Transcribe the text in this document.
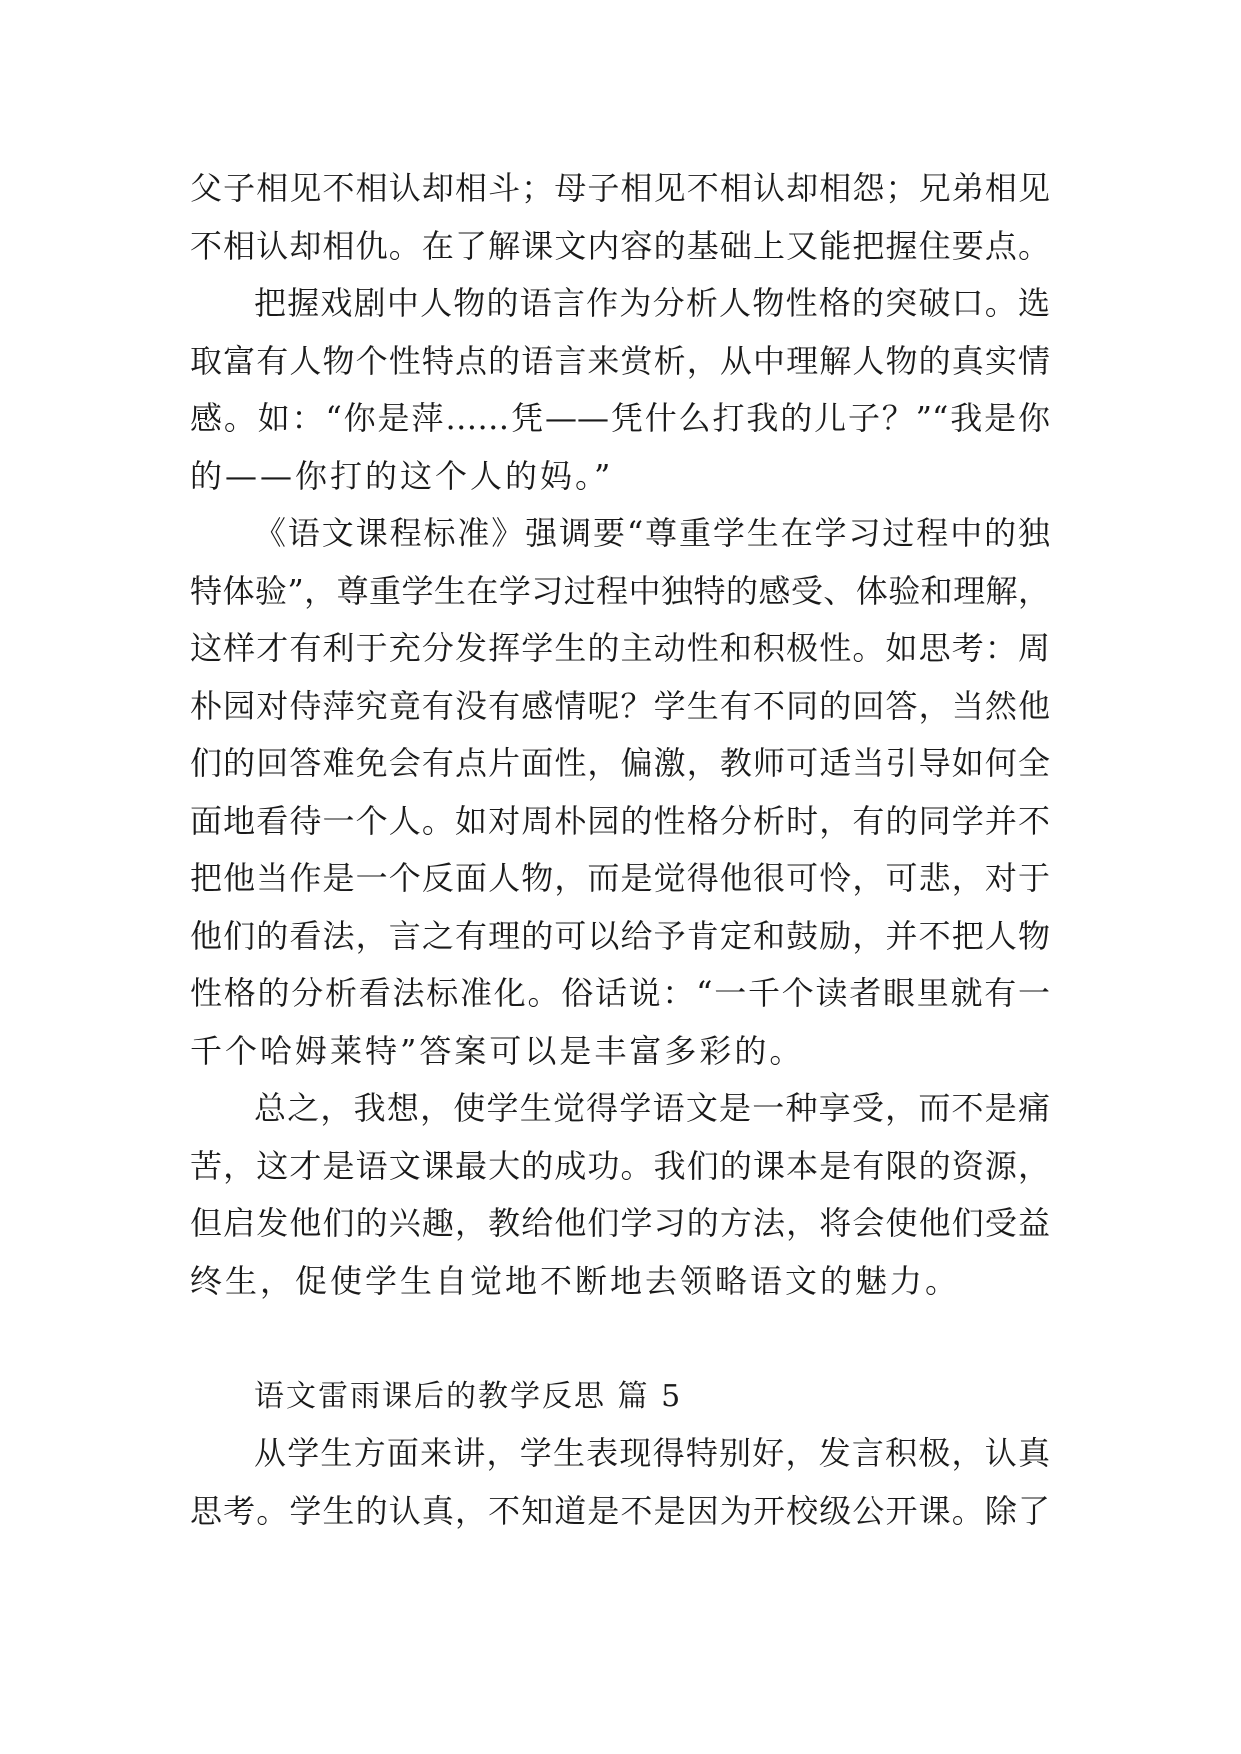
父子相见不相认却相斗；母子相见不相认却相怨；兄弟相见
不相认却相仇。在了解课文内容的基础上又能把握住要点。
把握戏剧中人物的语言作为分析人物性格的突破口。选
取富有人物个性特点的语言来赏析，从中理解人物的真实情
感。如：“你是萍……凭——凭什么打我的儿子？”“我是你
的——你打的这个人的妈。”
《语文课程标准》强调要“尊重学生在学习过程中的独
特体验”，尊重学生在学习过程中独特的感受、体验和理解，
这样才有利于充分发挥学生的主动性和积极性。如思考：周
朴园对侍萍究竟有没有感情呢？学生有不同的回答，当然他
们的回答难免会有点片面性，偏激，教师可适当引导如何全
面地看待一个人。如对周朴园的性格分析时，有的同学并不
把他当作是一个反面人物，而是觉得他很可怜，可悲，对于
他们的看法，言之有理的可以给予肯定和鼓励，并不把人物
性格的分析看法标准化。俗话说：“一千个读者眼里就有一
千个哈姆莱特”答案可以是丰富多彩的。
总之，我想，使学生觉得学语文是一种享受，而不是痛
苦，这才是语文课最大的成功。我们的课本是有限的资源，
但启发他们的兴趣，教给他们学习的方法，将会使他们受益
终生，促使学生自觉地不断地去领略语文的魅力。
语文雷雨课后的教学反思 篇 5
从学生方面来讲，学生表现得特别好，发言积极，认真
思考。学生的认真，不知道是不是因为开校级公开课。除了
